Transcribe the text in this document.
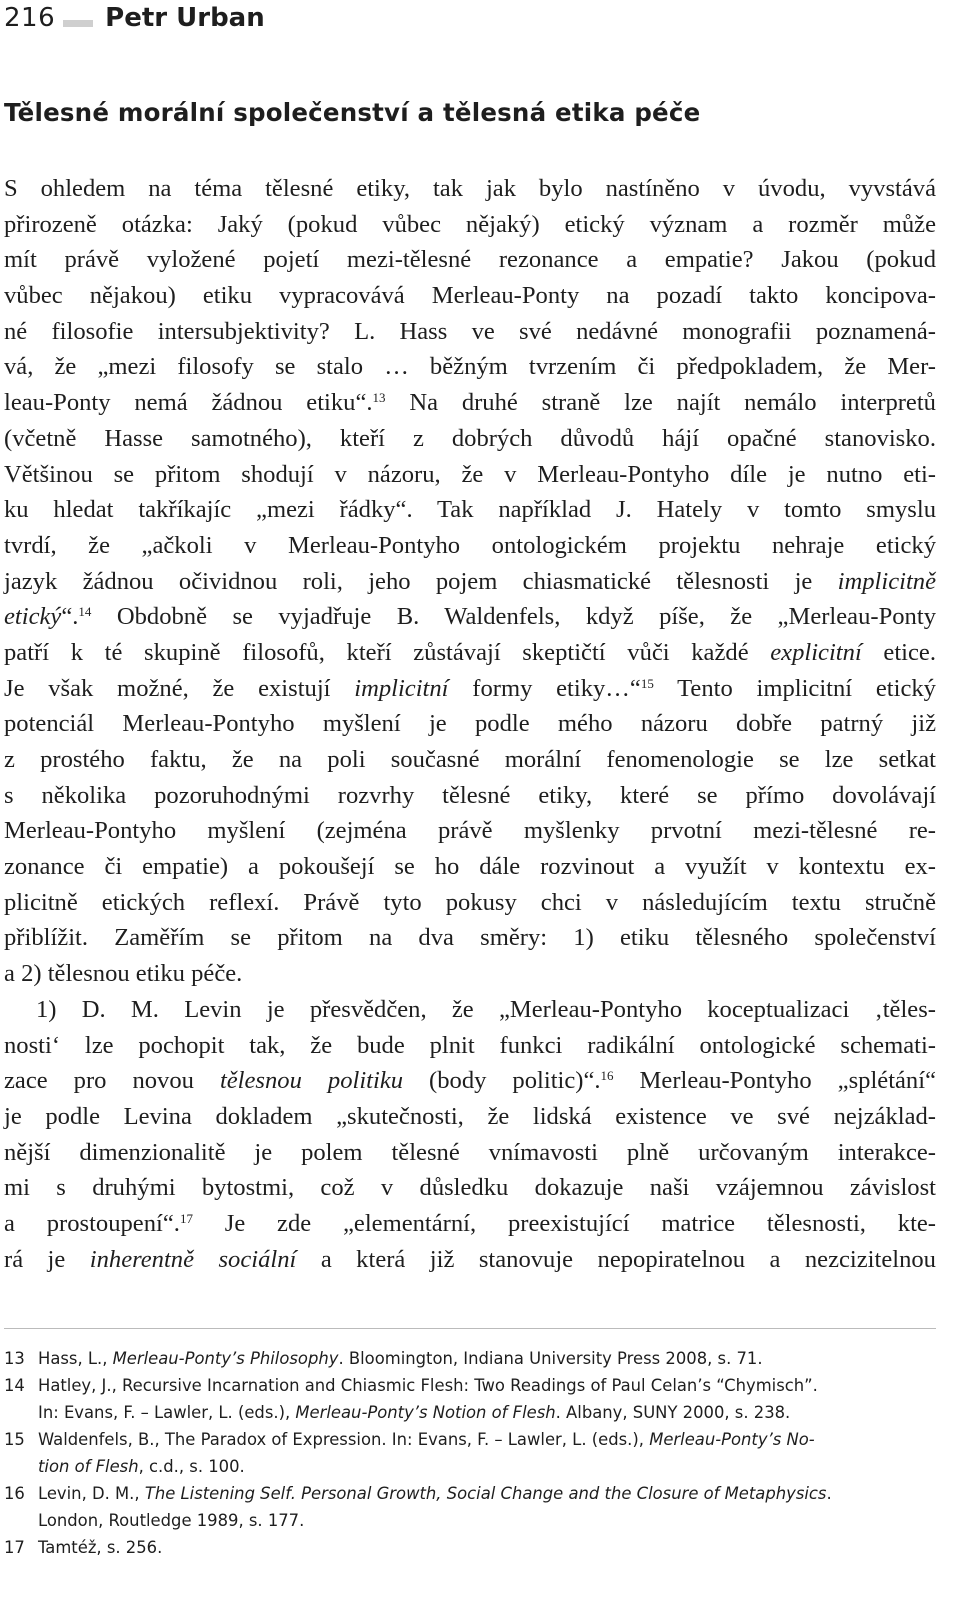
216 Petr Urban
Tělesné morální společenství a tělesná etika péče
S ohledem na téma tělesné etiky, tak jak bylo nastíněno v úvodu, vyvstává
přirozeně otázka: Jaký (pokud vůbec nějaký) etický význam a rozměr může
mít právě vyložené pojetí mezi-tělesné rezonance a empatie? Jakou (pokud
vůbec nějakou) etiku vypracovává Merleau-Ponty na pozadí takto koncipova-
né filosofie intersubjektivity? L. Hass ve své nedávné monografii poznamená-
vá, že „mezi filosofy se stalo … běžným tvrzením či předpokladem, že Mer-
leau-Ponty nemá žádnou etiku“.$^{13}$ Na druhé straně lze najít nemálo interpretů
(včetně Hasse samotného), kteří z dobrých důvodů hájí opačné stanovisko.
Většinou se přitom shodují v názoru, že v Merleau-Pontyho díle je nutno eti-
ku hledat takříkajíc „mezi řádky“. Tak například J. Hately v tomto smyslu
tvrdí, že „ačkoli v Merleau-Pontyho ontologickém projektu nehraje etický
jazyk žádnou očividnou roli, jeho pojem chiasmatické tělesnosti je implicitně
etický“.$^{14}$ Obdobně se vyjadřuje B. Waldenfels, když píše, že „Merleau-Ponty
patří k té skupině filosofů, kteří zůstávají skeptičtí vůči každé explicitní etice.
Je však možné, že existují implicitní formy etiky…“$^{15}$ Tento implicitní etický
potenciál Merleau-Pontyho myšlení je podle mého názoru dobře patrný již
z prostého faktu, že na poli současné morální fenomenologie se lze setkat
s několika pozoruhodnými rozvrhy tělesné etiky, které se přímo dovolávají
Merleau-Pontyho myšlení (zejména právě myšlenky prvotní mezi-tělesné re-
zonance či empatie) a pokoušejí se ho dále rozvinout a využít v kontextu ex-
plicitně etických reflexí. Právě tyto pokusy chci v následujícím textu stručně
přiblížit. Zaměřím se přitom na dva směry: 1) etiku tělesného společenství
a 2) tělesnou etiku péče.
1) D. M. Levin je přesvědčen, že „Merleau-Pontyho koceptualizaci ‚těles-
nosti‘ lze pochopit tak, že bude plnit funkci radikální ontologické schemati-
zace pro novou tělesnou politiku (body politic)“.$^{16}$ Merleau-Pontyho „splétání“
je podle Levina dokladem „skutečnosti, že lidská existence ve své nejzáklad-
nější dimenzionalitě je polem tělesné vnímavosti plně určovaným interakce-
mi s druhými bytostmi, což v důsledku dokazuje naši vzájemnou závislost
a prostoupení“.$^{17}$ Je zde „elementární, preexistující matrice tělesnosti, kte-
rá je inherentně sociální a která již stanovuje nepopiratelnou a nezcizitelnou
13 Hass, L., Merleau-Ponty’s Philosophy. Bloomington, Indiana University Press 2008, s. 71.
14 Hatley, J., Recursive Incarnation and Chiasmic Flesh: Two Readings of Paul Celan’s “Chymisch”.
In: Evans, F. – Lawler, L. (eds.), Merleau-Ponty’s Notion of Flesh. Albany, SUNY 2000, s. 238.
15 Waldenfels, B., The Paradox of Expression. In: Evans, F. – Lawler, L. (eds.), Merleau-Ponty’s No-
tion of Flesh, c.d., s. 100.
16 Levin, D. M., The Listening Self. Personal Growth, Social Change and the Closure of Metaphysics.
London, Routledge 1989, s. 177.
17 Tamtéž, s. 256.
